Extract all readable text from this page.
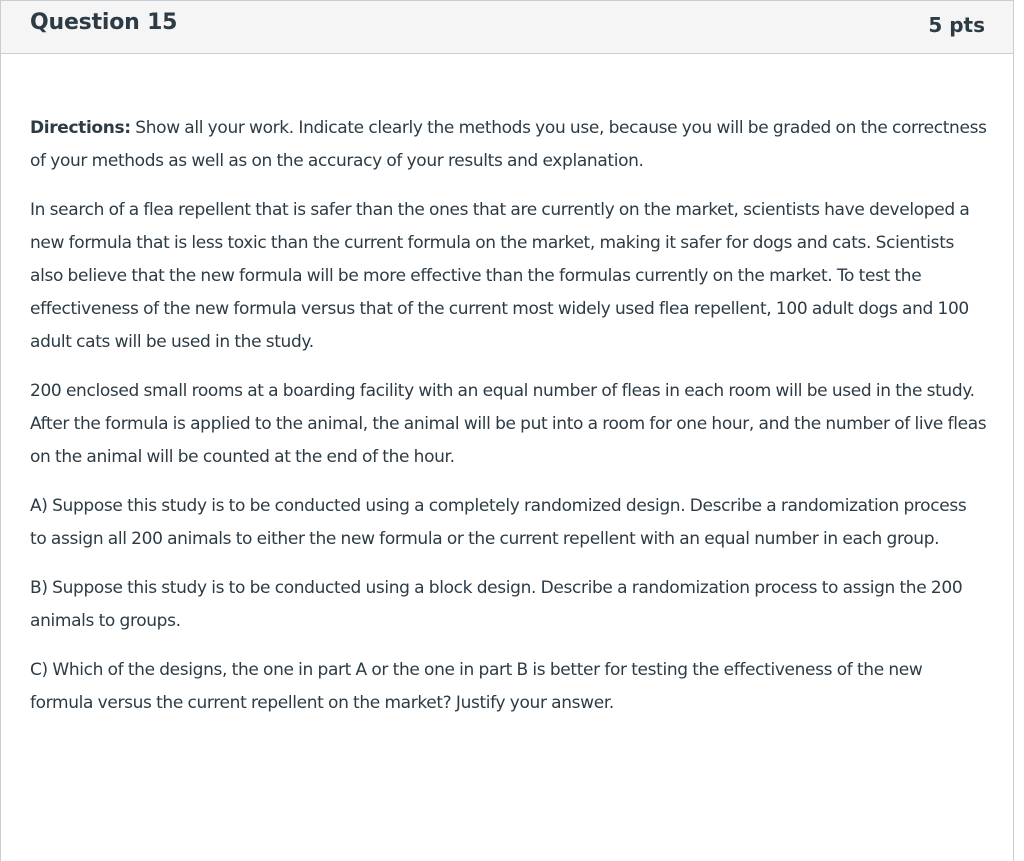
Question 15	5 pts

Directions: Show all your work. Indicate clearly the methods you use, because you will be graded on the correctness of your methods as well as on the accuracy of your results and explanation.

In search of a flea repellent that is safer than the ones that are currently on the market, scientists have developed a new formula that is less toxic than the current formula on the market, making it safer for dogs and cats. Scientists also believe that the new formula will be more effective than the formulas currently on the market. To test the effectiveness of the new formula versus that of the current most widely used flea repellent, 100 adult dogs and 100 adult cats will be used in the study.

200 enclosed small rooms at a boarding facility with an equal number of fleas in each room will be used in the study. After the formula is applied to the animal, the animal will be put into a room for one hour, and the number of live fleas on the animal will be counted at the end of the hour.

A) Suppose this study is to be conducted using a completely randomized design. Describe a randomization process to assign all 200 animals to either the new formula or the current repellent with an equal number in each group.

B) Suppose this study is to be conducted using a block design. Describe a randomization process to assign the 200 animals to groups.

C) Which of the designs, the one in part A or the one in part B is better for testing the effectiveness of the new formula versus the current repellent on the market? Justify your answer.
